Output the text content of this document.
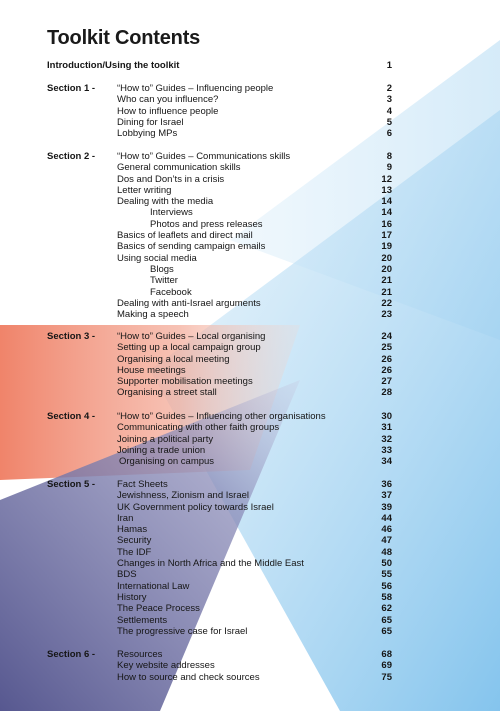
Toolkit Contents
Introduction/Using the toolkit	1
Section 1 - “How to” Guides – Influencing people	2
Who can you influence?	3
How to influence people	4
Dining for Israel	5
Lobbying MPs	6
Section 2 - “How to” Guides – Communications skills	8
General communication skills	9
Dos and Don’ts in a crisis	12
Letter writing	13
Dealing with the media	14
Interviews	14
Photos and press releases	16
Basics of leaflets and direct mail	17
Basics of sending campaign emails	19
Using social media	20
Blogs	20
Twitter	21
Facebook	21
Dealing with anti-Israel arguments	22
Making a speech	23
Section 3 - “How to” Guides – Local organising	24
Setting up a local campaign group	25
Organising a local meeting	26
House meetings	26
Supporter mobilisation meetings	27
Organising a street stall	28
Section 4 - “How to” Guides – Influencing other organisations	30
Communicating with other faith groups	31
Joining a political party	32
Joining a trade union	33
Organising on campus	34
Section 5 - Fact Sheets	36
Jewishness, Zionism and Israel	37
UK Government policy towards Israel	39
Iran	44
Hamas	46
Security	47
The IDF	48
Changes in North Africa and the Middle East	50
BDS	55
International Law	56
History	58
The Peace Process	62
Settlements	65
The progressive case for Israel	65
Section 6 - Resources	68
Key website addresses	69
How to source and check sources	75
